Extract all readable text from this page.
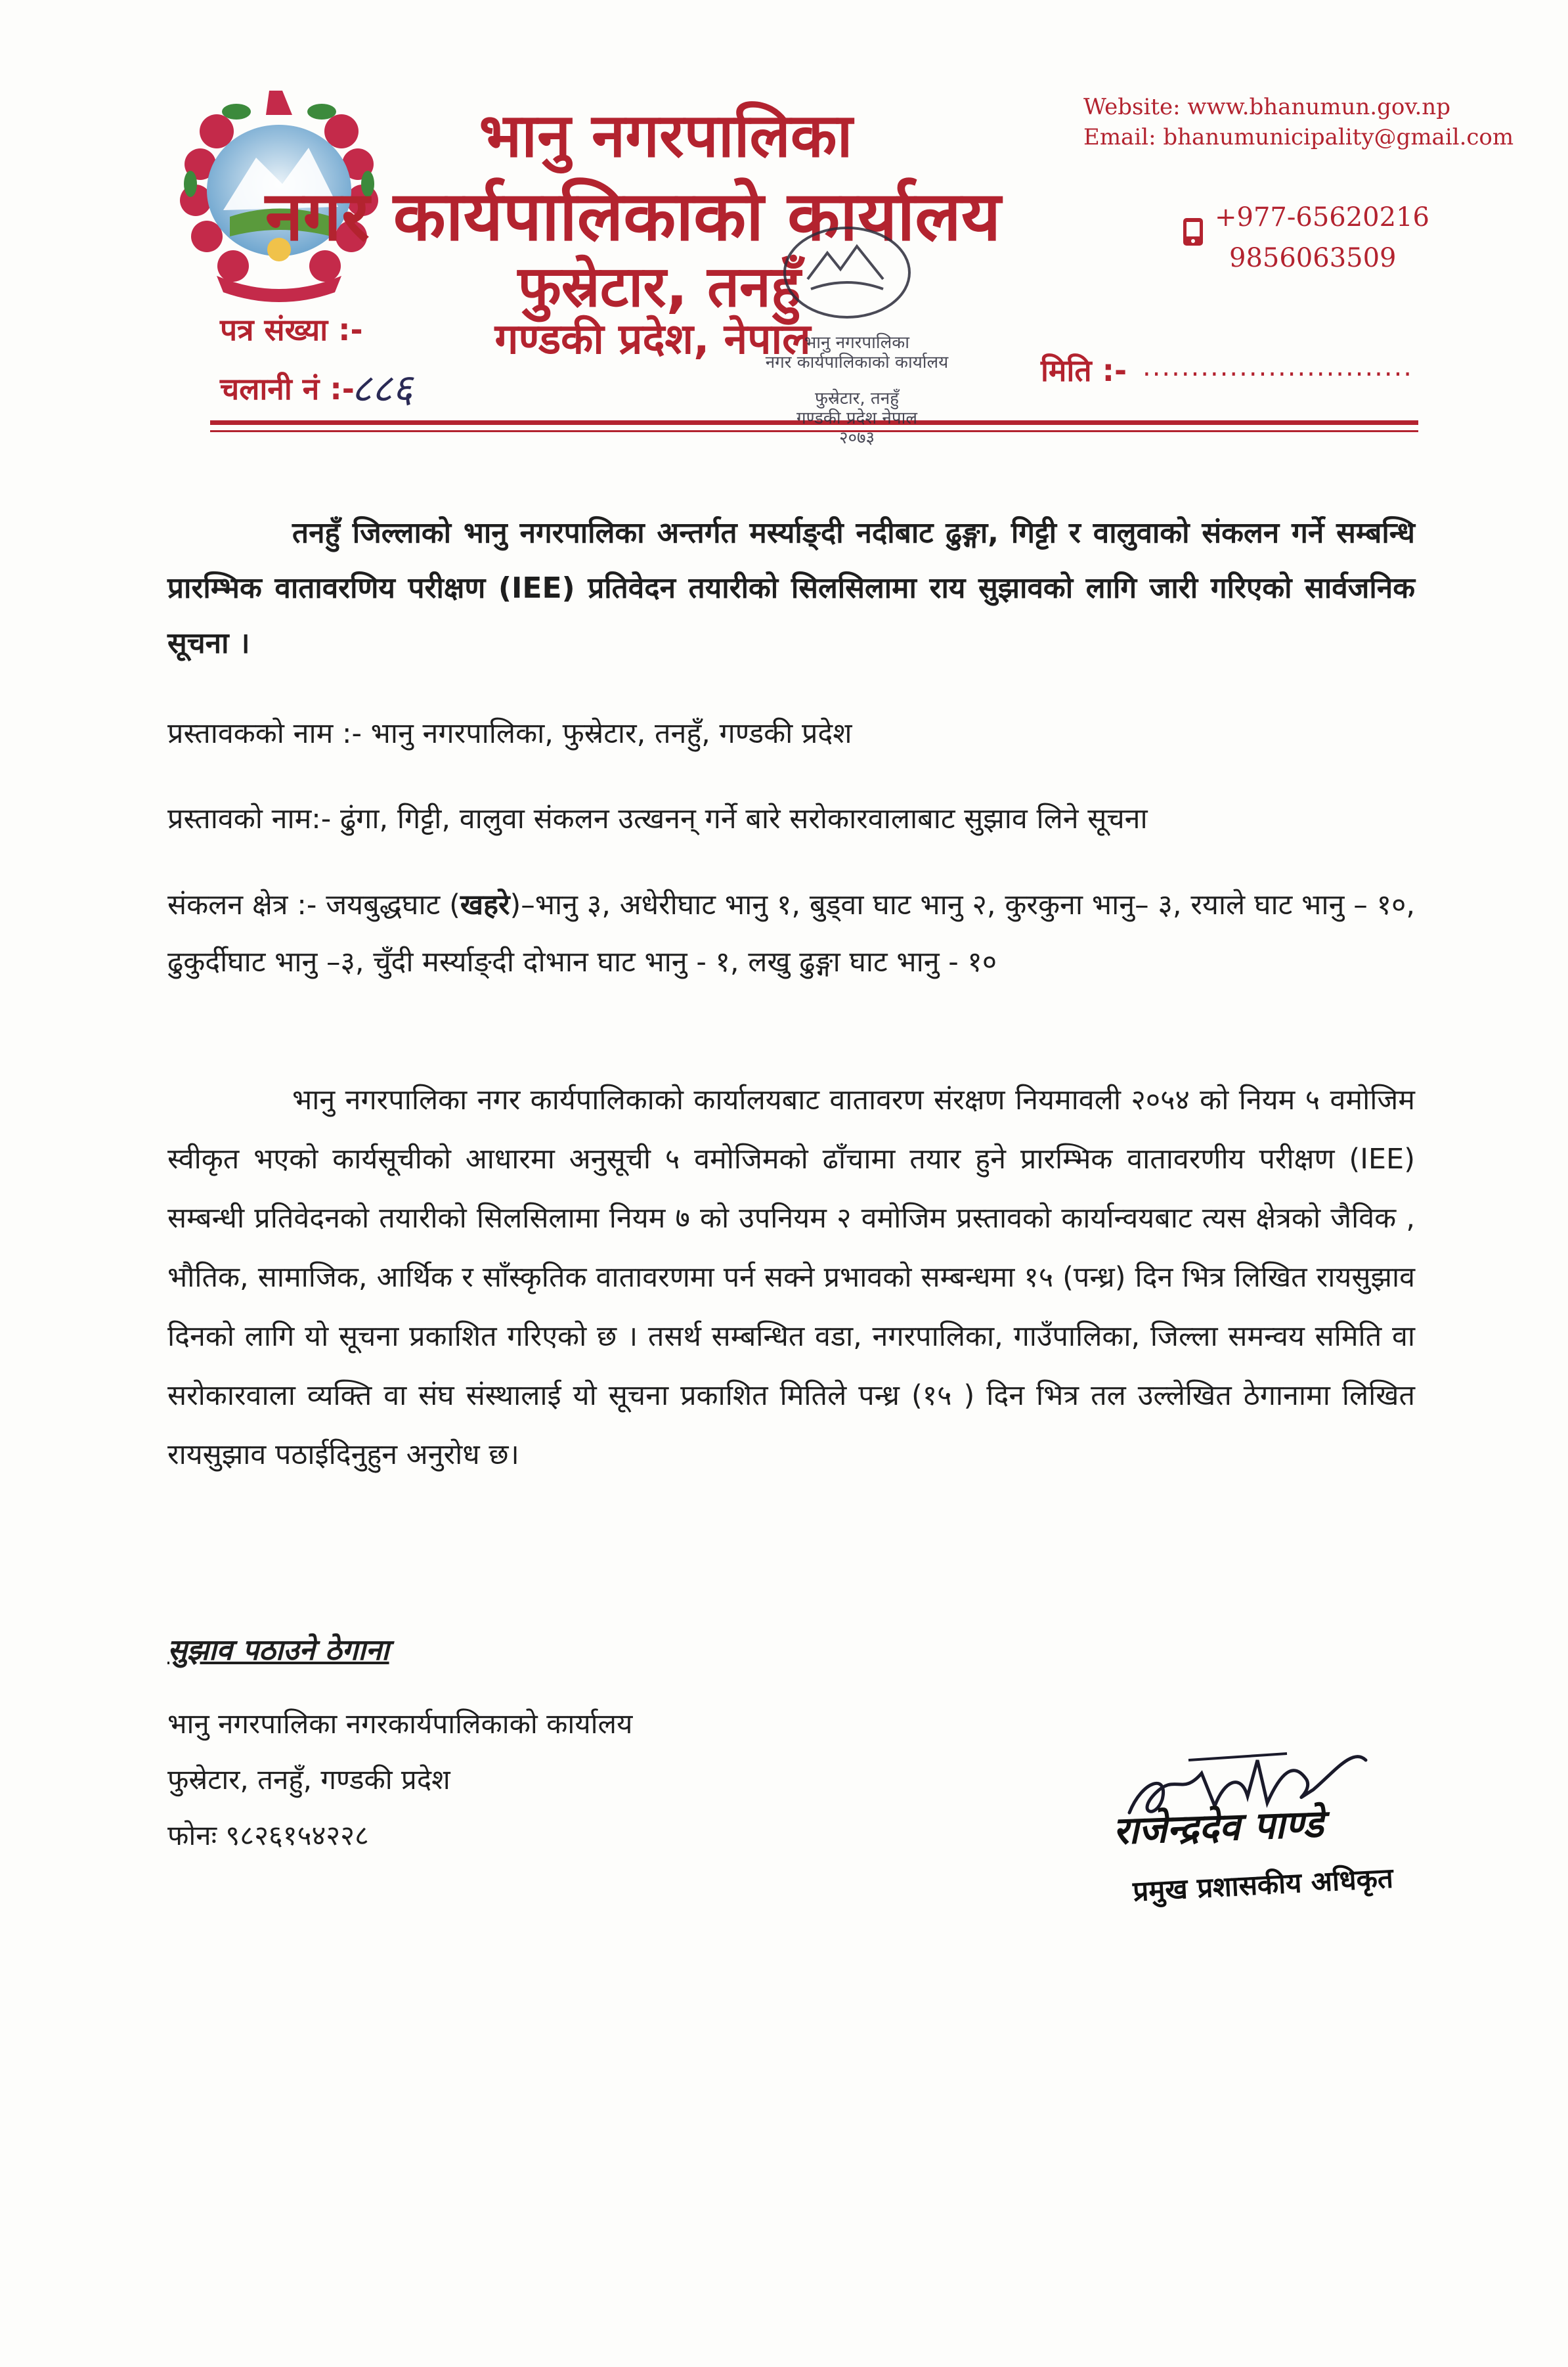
भानु नगरपालिका
नगर कार्यपालिकाको कार्यालय
फुस्रेटार, तनहुँ
गण्डकी प्रदेश, नेपाल
Website: www.bhanumun.gov.np
Email: bhanumunicipality@gmail.com
+977-65620216
9856063509
पत्र संख्या :-
चलानी नं :-
८८६	मिति :- ............................
भानु नगरपालिका
नगर कार्यपालिकाको कार्यालय
फुस्रेटार, तनहुँ
गण्डकी प्रदेश नेपाल
२०७३
तनहुँ जिल्लाको भानु नगरपालिका अन्तर्गत मर्स्याङ्दी नदीबाट ढुङ्गा, गिट्टी र वालुवाको संकलन गर्ने सम्बन्धि प्रारम्भिक वातावरणिय परीक्षण (IEE) प्रतिवेदन तयारीको सिलसिलामा राय सुझावको लागि जारी गरिएको सार्वजनिक सूचना ।
प्रस्तावकको नाम :- भानु नगरपालिका, फुस्रेटार, तनहुँ, गण्डकी प्रदेश
प्रस्तावको नाम:- ढुंगा, गिट्टी, वालुवा संकलन उत्खनन् गर्ने बारे सरोकारवालाबाट सुझाव लिने सूचना
संकलन क्षेत्र :- जयबुद्धघाट (खहरे)–भानु ३, अधेरीघाट भानु १, बुड्वा घाट भानु २, कुरकुना भानु– ३, रयाले घाट भानु – १०, ढुकुर्दीघाट भानु –३, चुँदी मर्स्याङ्दी दोभान घाट भानु - १, लखु ढुङ्गा घाट भानु - १०
भानु नगरपालिका नगर कार्यपालिकाको कार्यालयबाट वातावरण संरक्षण नियमावली २०५४ को नियम ५ वमोजिम स्वीकृत भएको कार्यसूचीको आधारमा अनुसूची ५ वमोजिमको ढाँचामा तयार हुने प्रारम्भिक वातावरणीय परीक्षण (IEE) सम्बन्धी प्रतिवेदनको तयारीको सिलसिलामा नियम ७ को उपनियम २ वमोजिम प्रस्तावको कार्यान्वयबाट त्यस क्षेत्रको जैविक , भौतिक, सामाजिक, आर्थिक र साँस्कृतिक वातावरणमा पर्न सक्ने प्रभावको सम्बन्धमा १५ (पन्ध्र) दिन भित्र लिखित रायसुझाव दिनको लागि यो सूचना प्रकाशित गरिएको छ । तसर्थ सम्बन्धित वडा, नगरपालिका, गाउँपालिका, जिल्ला समन्वय समिति वा सरोकारवाला व्यक्ति वा संघ संस्थालाई यो सूचना प्रकाशित मितिले पन्ध्र (१५ ) दिन भित्र तल उल्लेखित ठेगानामा लिखित रायसुझाव पठाईदिनुहुन अनुरोध छ।
सुझाव पठाउने ठेगाना
भानु नगरपालिका नगरकार्यपालिकाको कार्यालय
फुस्रेटार, तनहुँ, गण्डकी प्रदेश
फोनः ९८२६१५४२२८	राजेन्द्रदेव पाण्डे
प्रमुख प्रशासकीय अधिकृत
